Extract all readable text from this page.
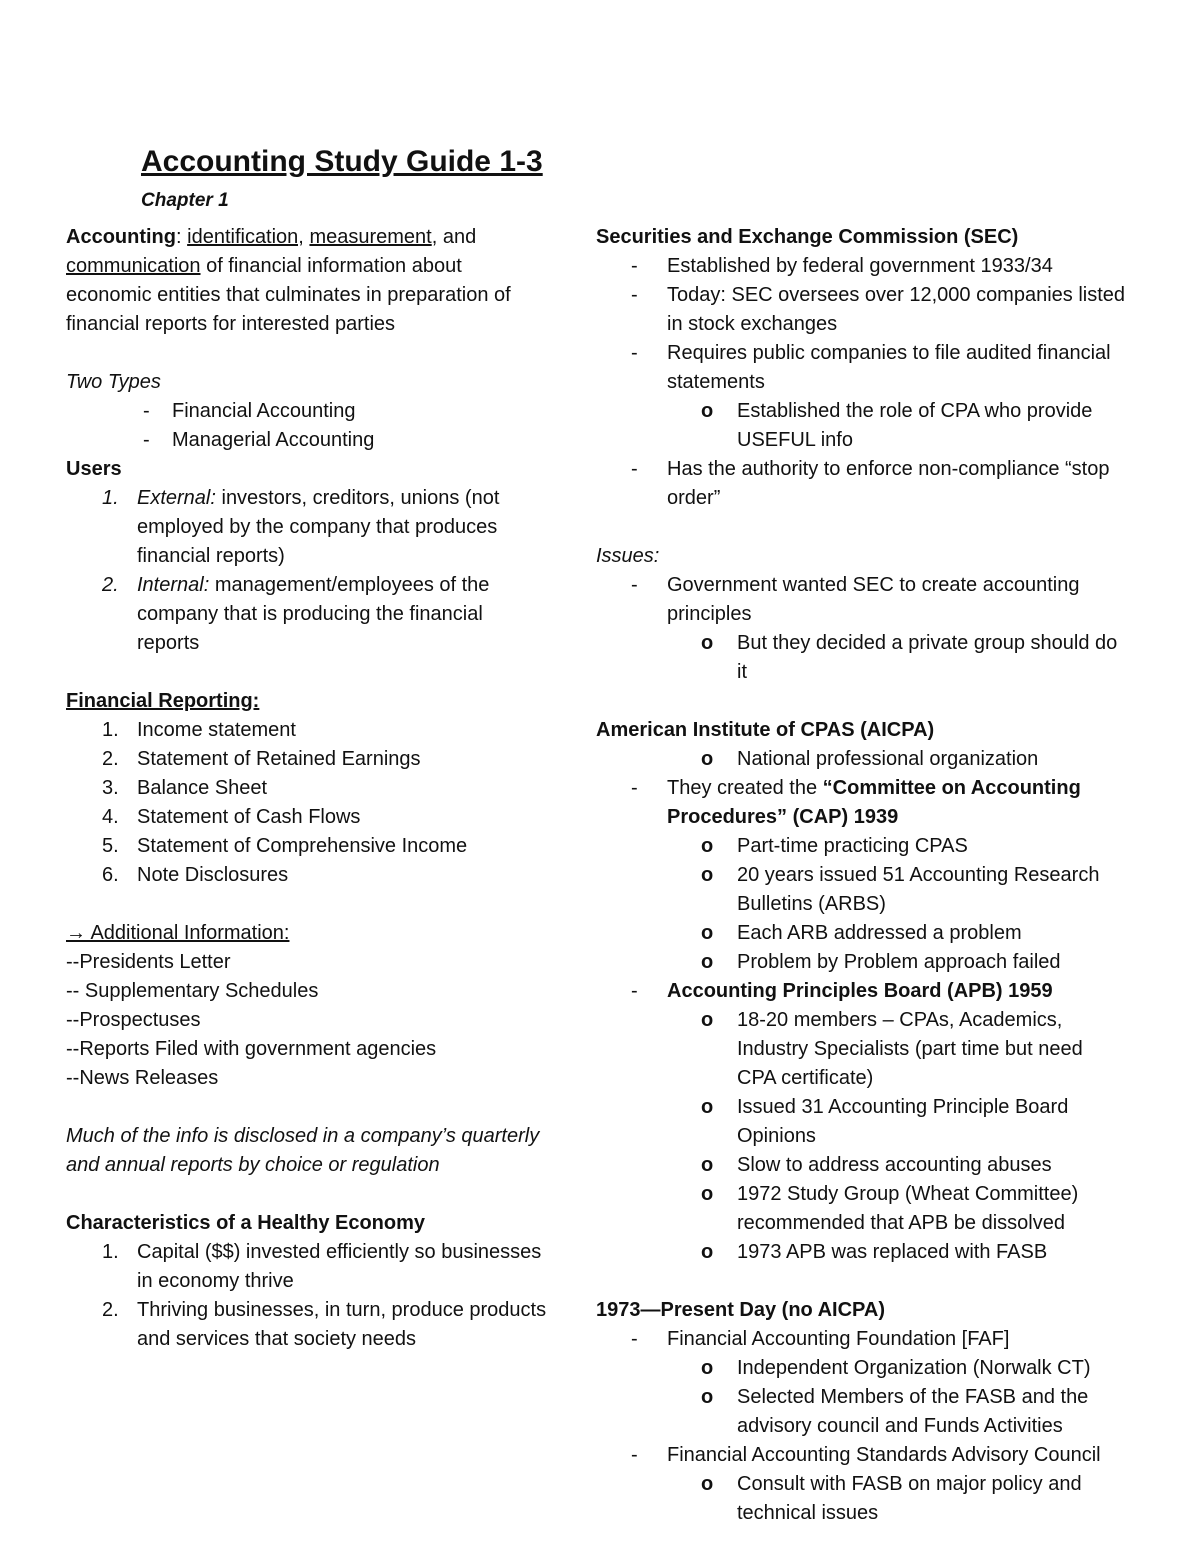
Accounting Study Guide 1-3
Chapter 1
Accounting: identification, measurement, and
communication of financial information about
economic entities that culminates in preparation of
financial reports for interested parties
Two Types
- Financial Accounting
- Managerial Accounting
Users
1. External: investors, creditors, unions (not
employed by the company that produces
financial reports)
2. Internal: management/employees of the
company that is producing the financial
reports
Financial Reporting:
1. Income statement
2. Statement of Retained Earnings
3. Balance Sheet
4. Statement of Cash Flows
5. Statement of Comprehensive Income
6. Note Disclosures
→ Additional Information:
--Presidents Letter
-- Supplementary Schedules
--Prospectuses
--Reports Filed with government agencies
--News Releases
Much of the info is disclosed in a company’s quarterly
and annual reports by choice or regulation
Characteristics of a Healthy Economy
1. Capital ($$) invested efficiently so businesses
in economy thrive
2. Thriving businesses, in turn, produce products
and services that society needs
Securities and Exchange Commission (SEC)
- Established by federal government 1933/34
- Today: SEC oversees over 12,000 companies listed
in stock exchanges
- Requires public companies to file audited financial
statements
o Established the role of CPA who provide
USEFUL info
- Has the authority to enforce non-compliance “stop
order”
Issues:
- Government wanted SEC to create accounting
principles
o But they decided a private group should do
it
American Institute of CPAS (AICPA)
o National professional organization
- They created the “Committee on Accounting
Procedures” (CAP) 1939
o Part-time practicing CPAS
o 20 years issued 51 Accounting Research
Bulletins (ARBS)
o Each ARB addressed a problem
o Problem by Problem approach failed
- Accounting Principles Board (APB) 1959
o 18-20 members – CPAs, Academics,
Industry Specialists (part time but need
CPA certificate)
o Issued 31 Accounting Principle Board
Opinions
o Slow to address accounting abuses
o 1972 Study Group (Wheat Committee)
recommended that APB be dissolved
o 1973 APB was replaced with FASB
1973—Present Day (no AICPA)
- Financial Accounting Foundation [FAF]
o Independent Organization (Norwalk CT)
o Selected Members of the FASB and the
advisory council and Funds Activities
- Financial Accounting Standards Advisory Council
o Consult with FASB on major policy and
technical issues
